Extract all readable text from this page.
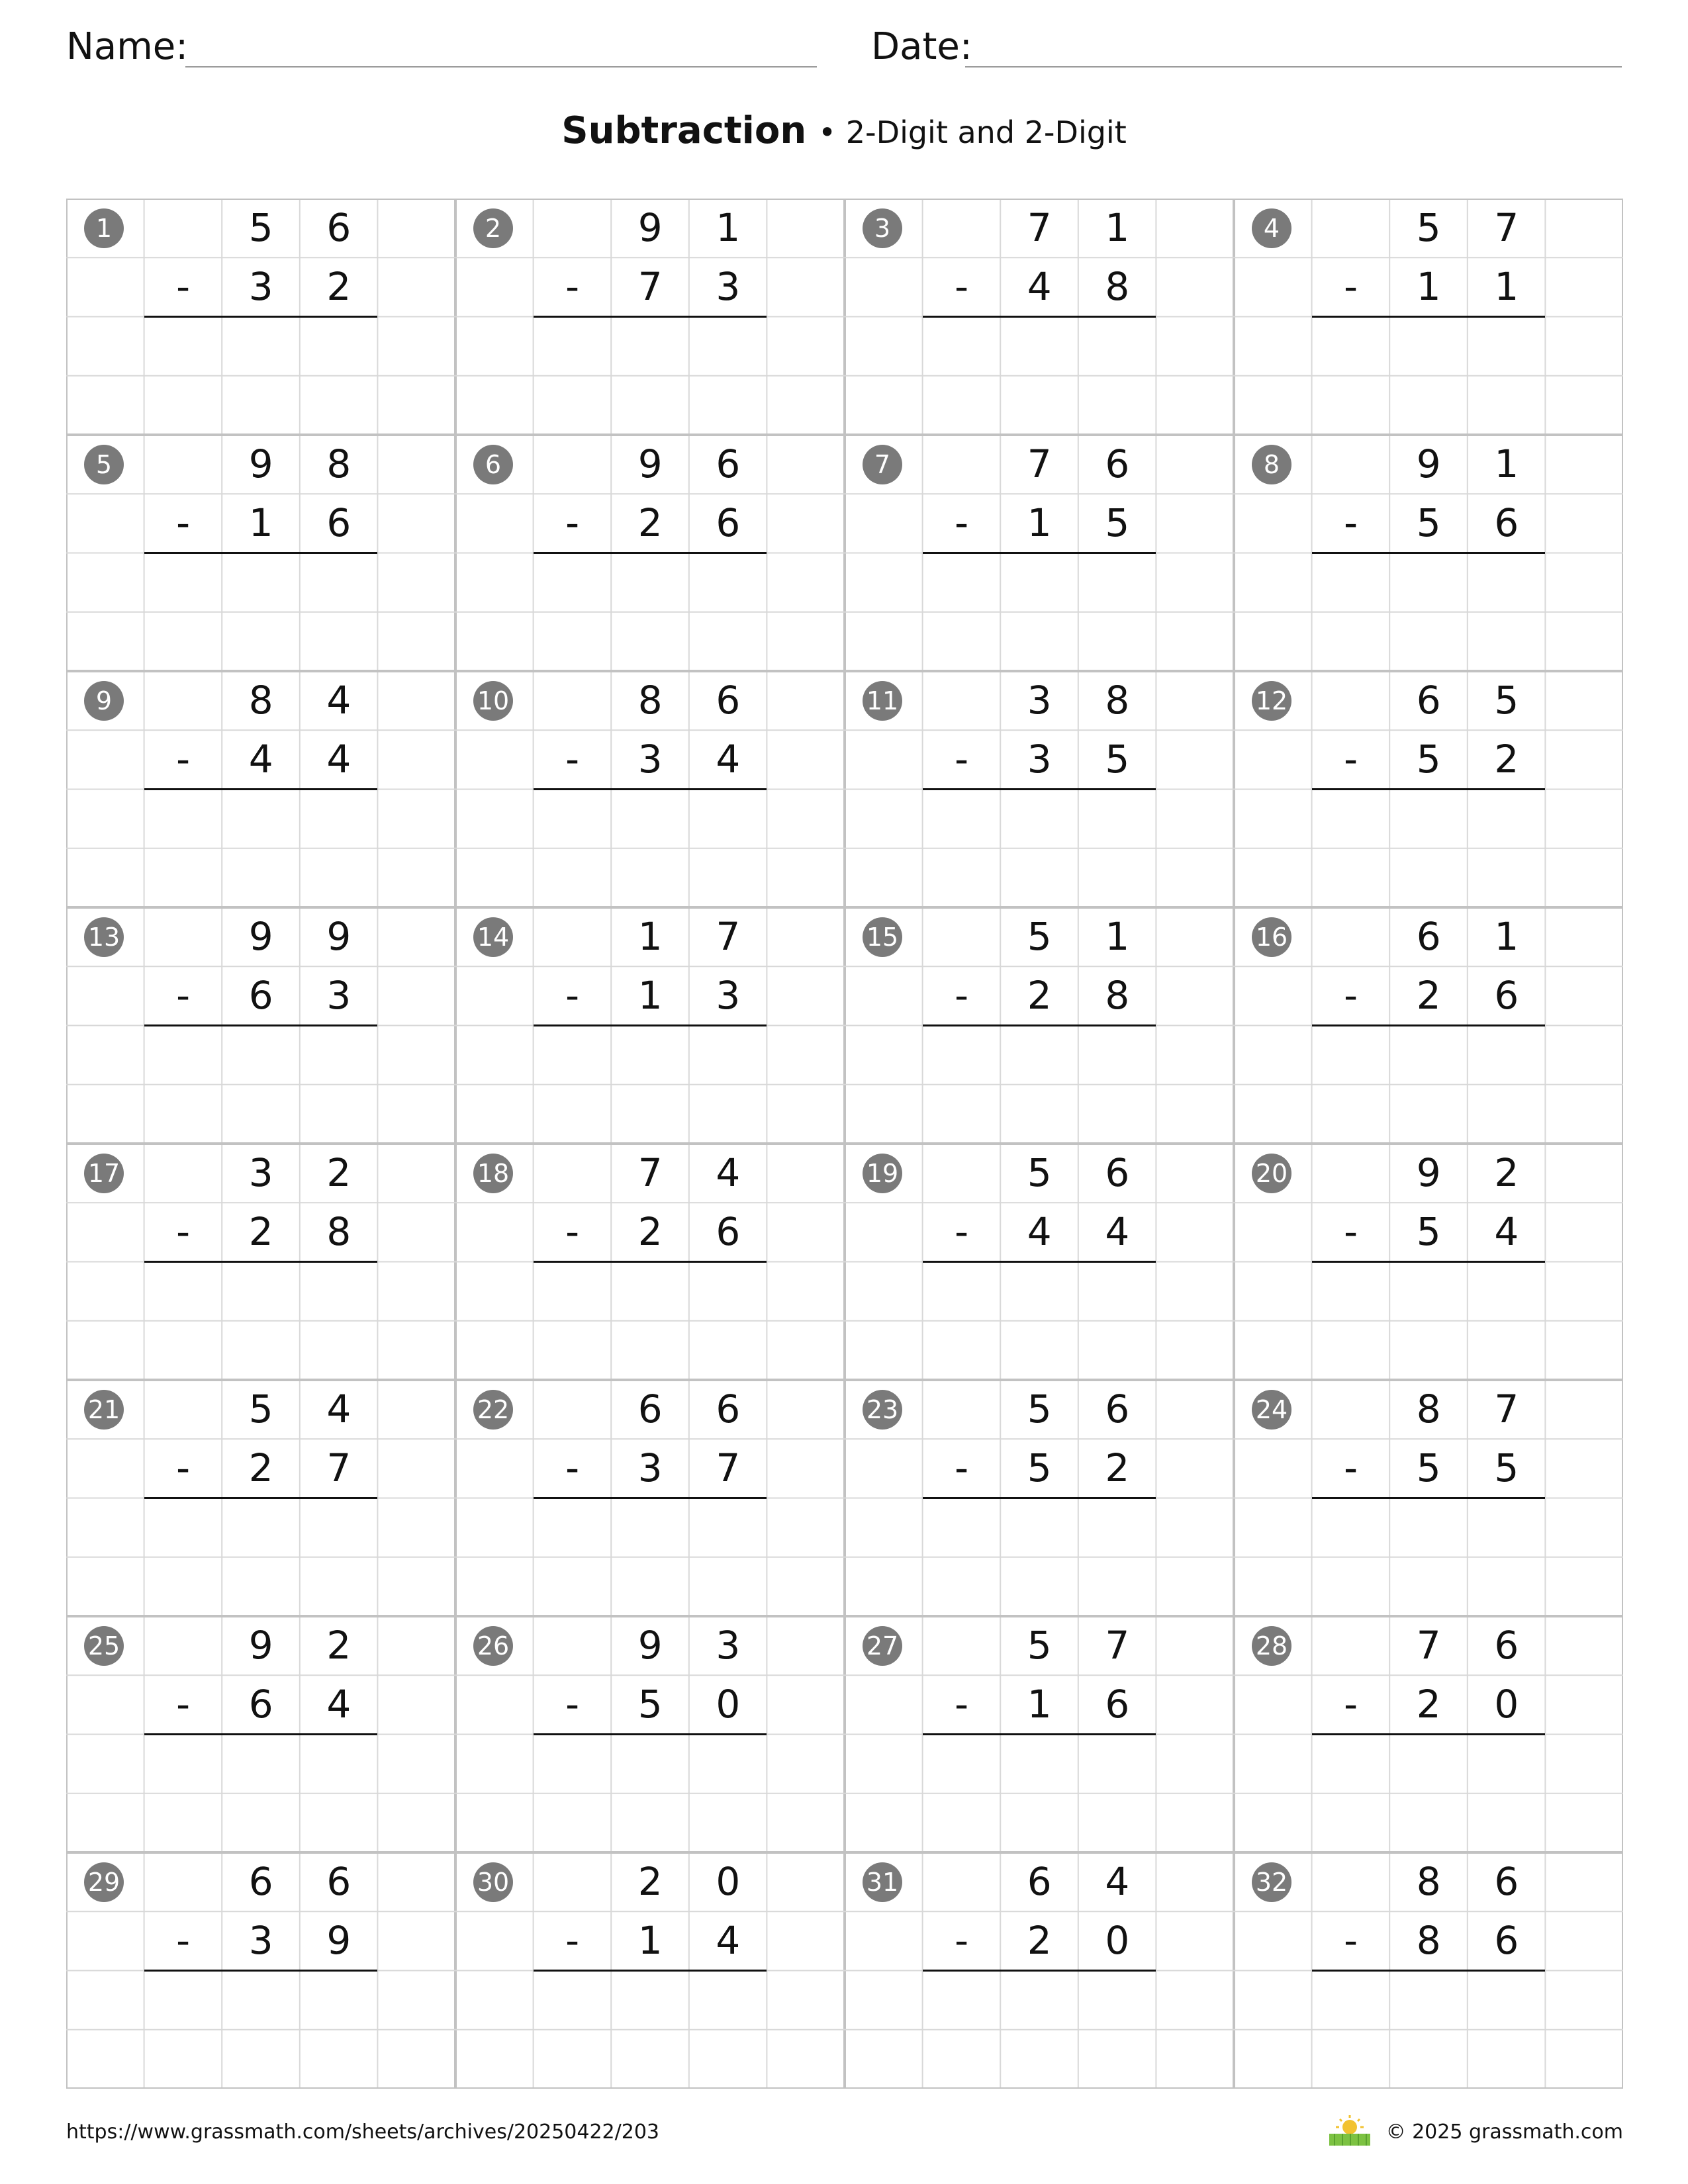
Name:	Date:
Subtraction • 2-Digit and 2-Digit
1	5	6
-	3	2
2	9	1
-	7	3
3	7	1
-	4	8
4	5	7
-	1	1
5	9	8
-	1	6
6	9	6
-	2	6
7	7	6
-	1	5
8	9	1
-	5	6
9	8	4
-	4	4
10	8	6
-	3	4
11	3	8
-	3	5
12	6	5
-	5	2
13	9	9
-	6	3
14	1	7
-	1	3
15	5	1
-	2	8
16	6	1
-	2	6
17	3	2
-	2	8
18	7	4
-	2	6
19	5	6
-	4	4
20	9	2
-	5	4
21	5	4
-	2	7
22	6	6
-	3	7
23	5	6
-	5	2
24	8	7
-	5	5
25	9	2
-	6	4
26	9	3
-	5	0
27	5	7
-	1	6
28	7	6
-	2	0
29	6	6
-	3	9
30	2	0
-	1	4
31	6	4
-	2	0
32	8	6
-	8	6
https://www.grassmath.com/sheets/archives/20250422/203	© 2025 grassmath.com
